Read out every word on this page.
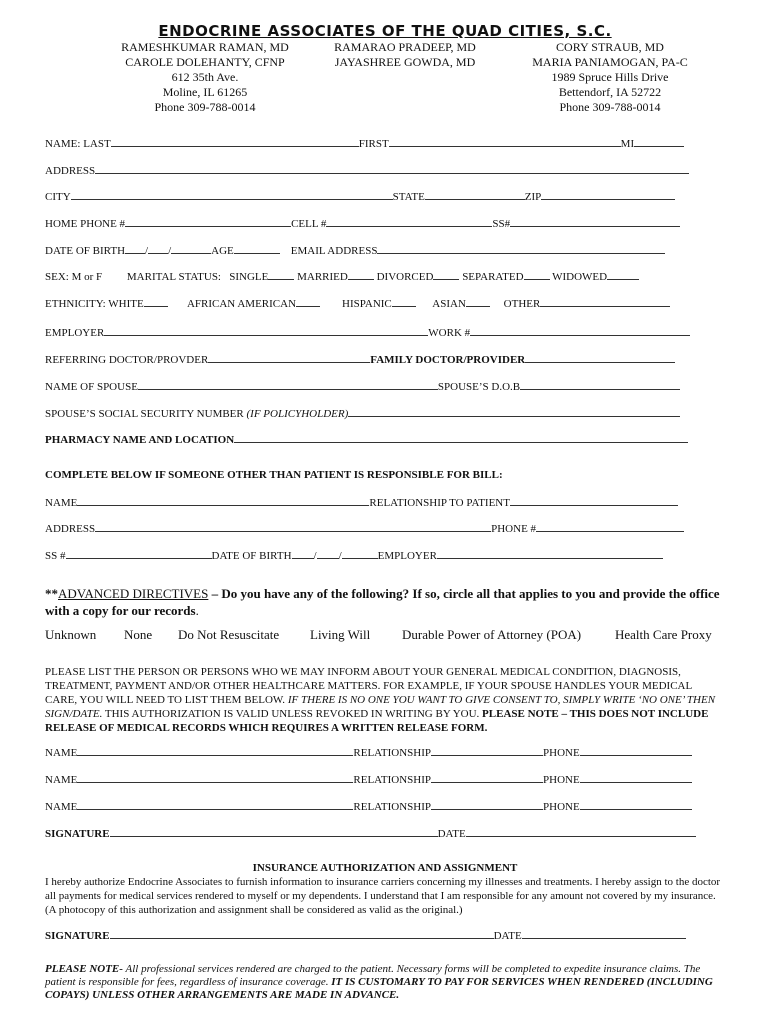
ENDOCRINE ASSOCIATES OF THE QUAD CITIES, S.C.
RAMESHKUMAR RAMAN, MD
CAROLE DOLEHANTY, CFNP
612 35th Ave.
Moline, IL 61265
Phone 309-788-0014
RAMARAO PRADEEP, MD
JAYASHREE GOWDA, MD
CORY STRAUB, MD
MARIA PANIAMOGAN, PA-C
1989 Spruce Hills Drive
Bettendorf, IA 52722
Phone 309-788-0014
NAME: LAST	FIRST	MI
ADDRESS
CITY	STATE	ZIP
HOME PHONE #	CELL #	SS#
DATE OF BIRTH / /	AGE	EMAIL ADDRESS
SEX: M or F MARITAL STATUS: SINGLE	MARRIED	DIVORCED	SEPARATED	WIDOWED
ETHNICITY: WHITE	AFRICAN AMERICAN	HISPANIC	ASIAN	OTHER
EMPLOYER	WORK #
REFERRING DOCTOR/PROVDER	FAMILY DOCTOR/PROVIDER
NAME OF SPOUSE	SPOUSE’S D.O.B
SPOUSE’S SOCIAL SECURITY NUMBER (IF POLICYHOLDER)
PHARMACY NAME AND LOCATION
COMPLETE BELOW IF SOMEONE OTHER THAN PATIENT IS RESPONSIBLE FOR BILL:
NAME	RELATIONSHIP TO PATIENT
ADDRESS	PHONE #
SS #	DATE OF BIRTH / /	EMPLOYER
**ADVANCED DIRECTIVES – Do you have any of the following? If so, circle all that applies to you and provide the office with a copy for our records.
Unknown None Do Not Resuscitate Living Will Durable Power of Attorney (POA)	Health Care Proxy
PLEASE LIST THE PERSON OR PERSONS WHO WE MAY INFORM ABOUT YOUR GENERAL MEDICAL CONDITION, DIAGNOSIS, TREATMENT, PAYMENT AND/OR OTHER HEALTHCARE MATTERS. FOR EXAMPLE, IF YOUR SPOUSE HANDLES YOUR MEDICAL CARE, YOU WILL NEED TO LIST THEM BELOW. IF THERE IS NO ONE YOU WANT TO GIVE CONSENT TO, SIMPLY WRITE ‘NO ONE’ THEN SIGN/DATE. THIS AUTHORIZATION IS VALID UNLESS REVOKED IN WRITING BY YOU. PLEASE NOTE – THIS DOES NOT INCLUDE RELEASE OF MEDICAL RECORDS WHICH REQUIRES A WRITTEN RELEASE FORM.
NAME	RELATIONSHIP	PHONE
NAME	RELATIONSHIP	PHONE
NAME	RELATIONSHIP	PHONE
SIGNATURE	DATE
INSURANCE AUTHORIZATION AND ASSIGNMENT
I hereby authorize Endocrine Associates to furnish information to insurance carriers concerning my illnesses and treatments. I hereby assign to the doctor all payments for medical services rendered to myself or my dependents. I understand that I am responsible for any amount not covered by my insurance. (A photocopy of this authorization and assignment shall be considered as valid as the original.)
SIGNATURE	DATE
PLEASE NOTE- All professional services rendered are charged to the patient. Necessary forms will be completed to expedite insurance claims. The patient is responsible for fees, regardless of insurance coverage. IT IS CUSTOMARY TO PAY FOR SERVICES WHEN RENDERED (INCLUDING COPAYS) UNLESS OTHER ARRANGEMENTS ARE MADE IN ADVANCE.
